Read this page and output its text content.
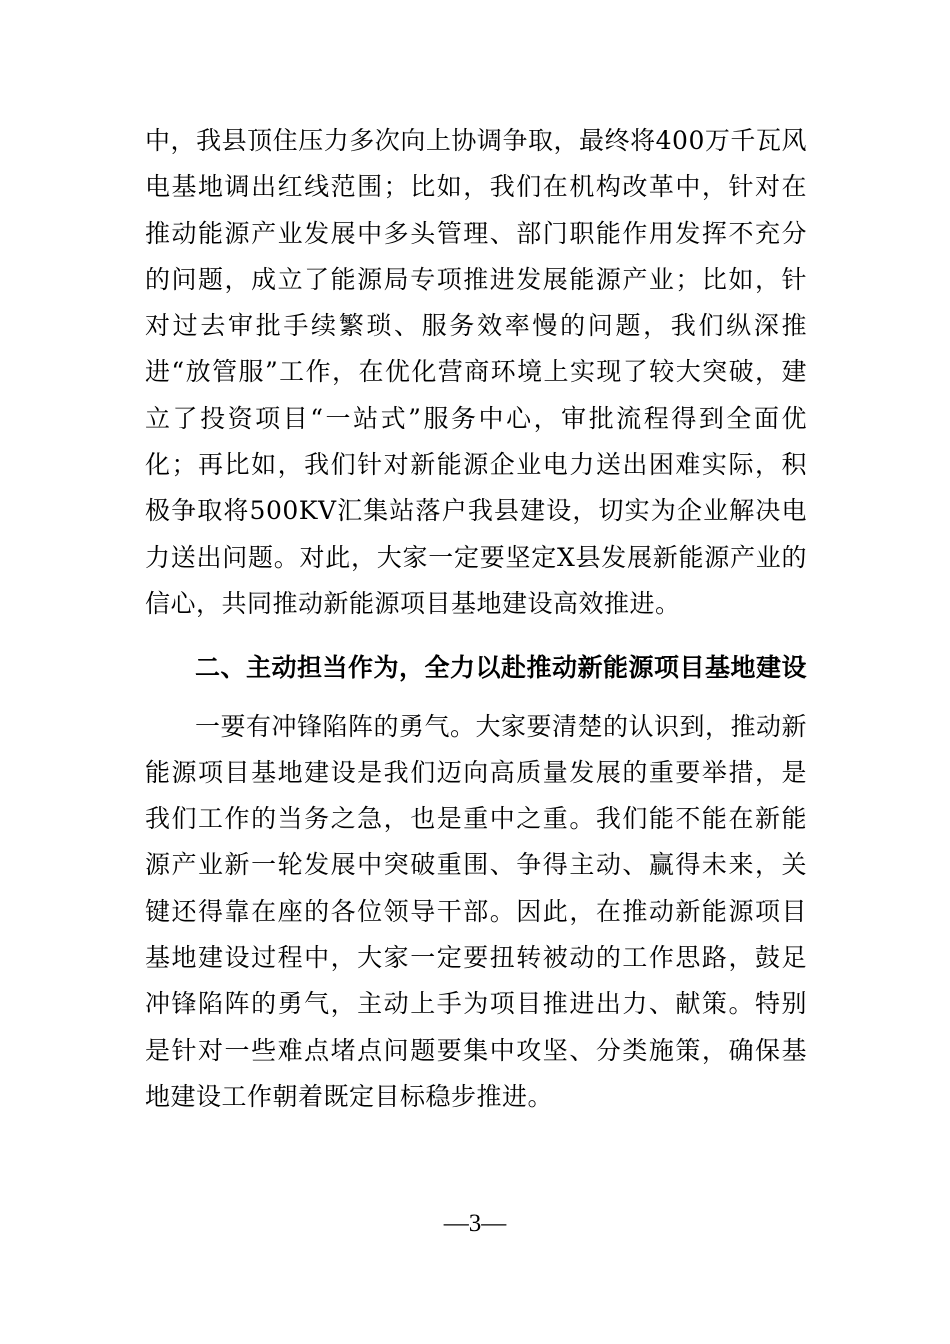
中，我县顶住压力多次向上协调争取，最终将400万千瓦风电基地调出红线范围；比如，我们在机构改革中，针对在推动能源产业发展中多头管理、部门职能作用发挥不充分的问题，成立了能源局专项推进发展能源产业；比如，针对过去审批手续繁琐、服务效率慢的问题，我们纵深推进“放管服”工作，在优化营商环境上实现了较大突破，建立了投资项目“一站式”服务中心，审批流程得到全面优化；再比如，我们针对新能源企业电力送出困难实际，积极争取将500KV汇集站落户我县建设，切实为企业解决电力送出问题。对此，大家一定要坚定X县发展新能源产业的信心，共同推动新能源项目基地建设高效推进。

二、主动担当作为，全力以赴推动新能源项目基地建设

一要有冲锋陷阵的勇气。大家要清楚的认识到，推动新能源项目基地建设是我们迈向高质量发展的重要举措，是我们工作的当务之急，也是重中之重。我们能不能在新能源产业新一轮发展中突破重围、争得主动、赢得未来，关键还得靠在座的各位领导干部。因此，在推动新能源项目基地建设过程中，大家一定要扭转被动的工作思路，鼓足冲锋陷阵的勇气，主动上手为项目推进出力、献策。特别是针对一些难点堵点问题要集中攻坚、分类施策，确保基地建设工作朝着既定目标稳步推进。

—3—
